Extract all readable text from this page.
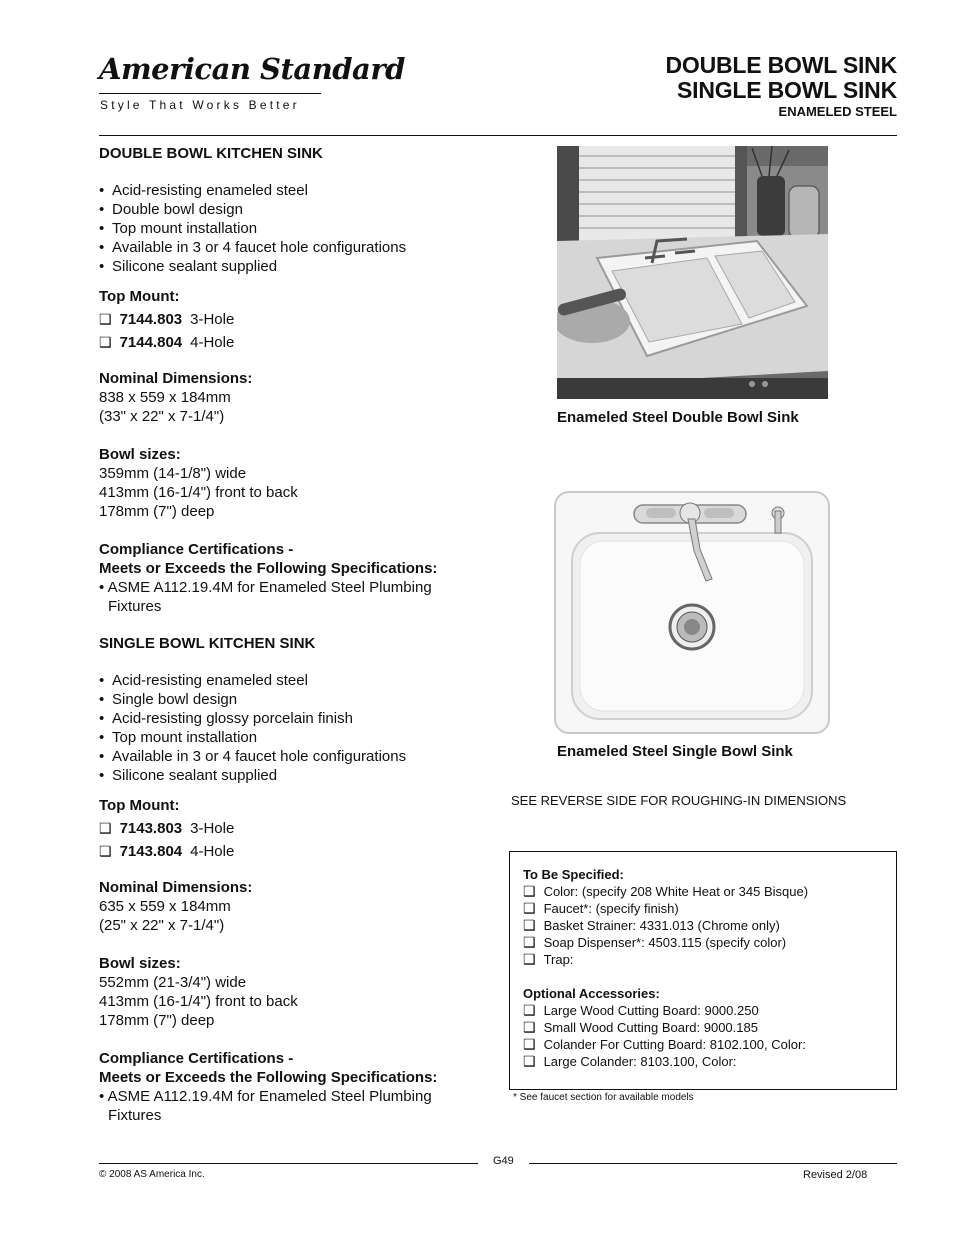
American Standard
Style That Works Better
DOUBLE BOWL SINK
SINGLE BOWL SINK
ENAMELED STEEL
DOUBLE BOWL KITCHEN SINK
• Acid-resisting enameled steel
• Double bowl design
• Top mount installation
• Available in 3 or 4 faucet hole configurations
• Silicone sealant supplied
Top Mount:
❑ 7144.803 3-Hole
❑ 7144.804 4-Hole
Nominal Dimensions:
838 x 559 x 184mm
(33" x 22" x 7-1/4")
Bowl sizes:
359mm (14-1/8") wide
413mm (16-1/4") front to back
178mm (7") deep
Compliance Certifications -
Meets or Exceeds the Following Specifications:
• ASME A112.19.4M for Enameled Steel Plumbing
Fixtures
SINGLE BOWL KITCHEN SINK
• Acid-resisting enameled steel
• Single bowl design
• Acid-resisting glossy porcelain finish
• Top mount installation
• Available in 3 or 4 faucet hole configurations
• Silicone sealant supplied
Top Mount:
❑ 7143.803 3-Hole
❑ 7143.804 4-Hole
Nominal Dimensions:
635 x 559 x 184mm
(25" x 22" x 7-1/4")
Bowl sizes:
552mm (21-3/4") wide
413mm (16-1/4") front to back
178mm (7") deep
Compliance Certifications -
Meets or Exceeds the Following Specifications:
• ASME A112.19.4M for Enameled Steel Plumbing
Fixtures
Enameled Steel Double Bowl Sink
Enameled Steel Single Bowl Sink
SEE REVERSE SIDE FOR ROUGHING-IN DIMENSIONS
To Be Specified:
❑ Color: (specify 208 White Heat or 345 Bisque)
❑ Faucet*: (specify finish)
❑ Basket Strainer: 4331.013 (Chrome only)
❑ Soap Dispenser*: 4503.115 (specify color)
❑ Trap:
Optional Accessories:
❑ Large Wood Cutting Board: 9000.250
❑ Small Wood Cutting Board: 9000.185
❑ Colander For Cutting Board: 8102.100, Color:
❑ Large Colander: 8103.100, Color:
* See faucet section for available models
G49
© 2008 AS America Inc.	Revised 2/08
